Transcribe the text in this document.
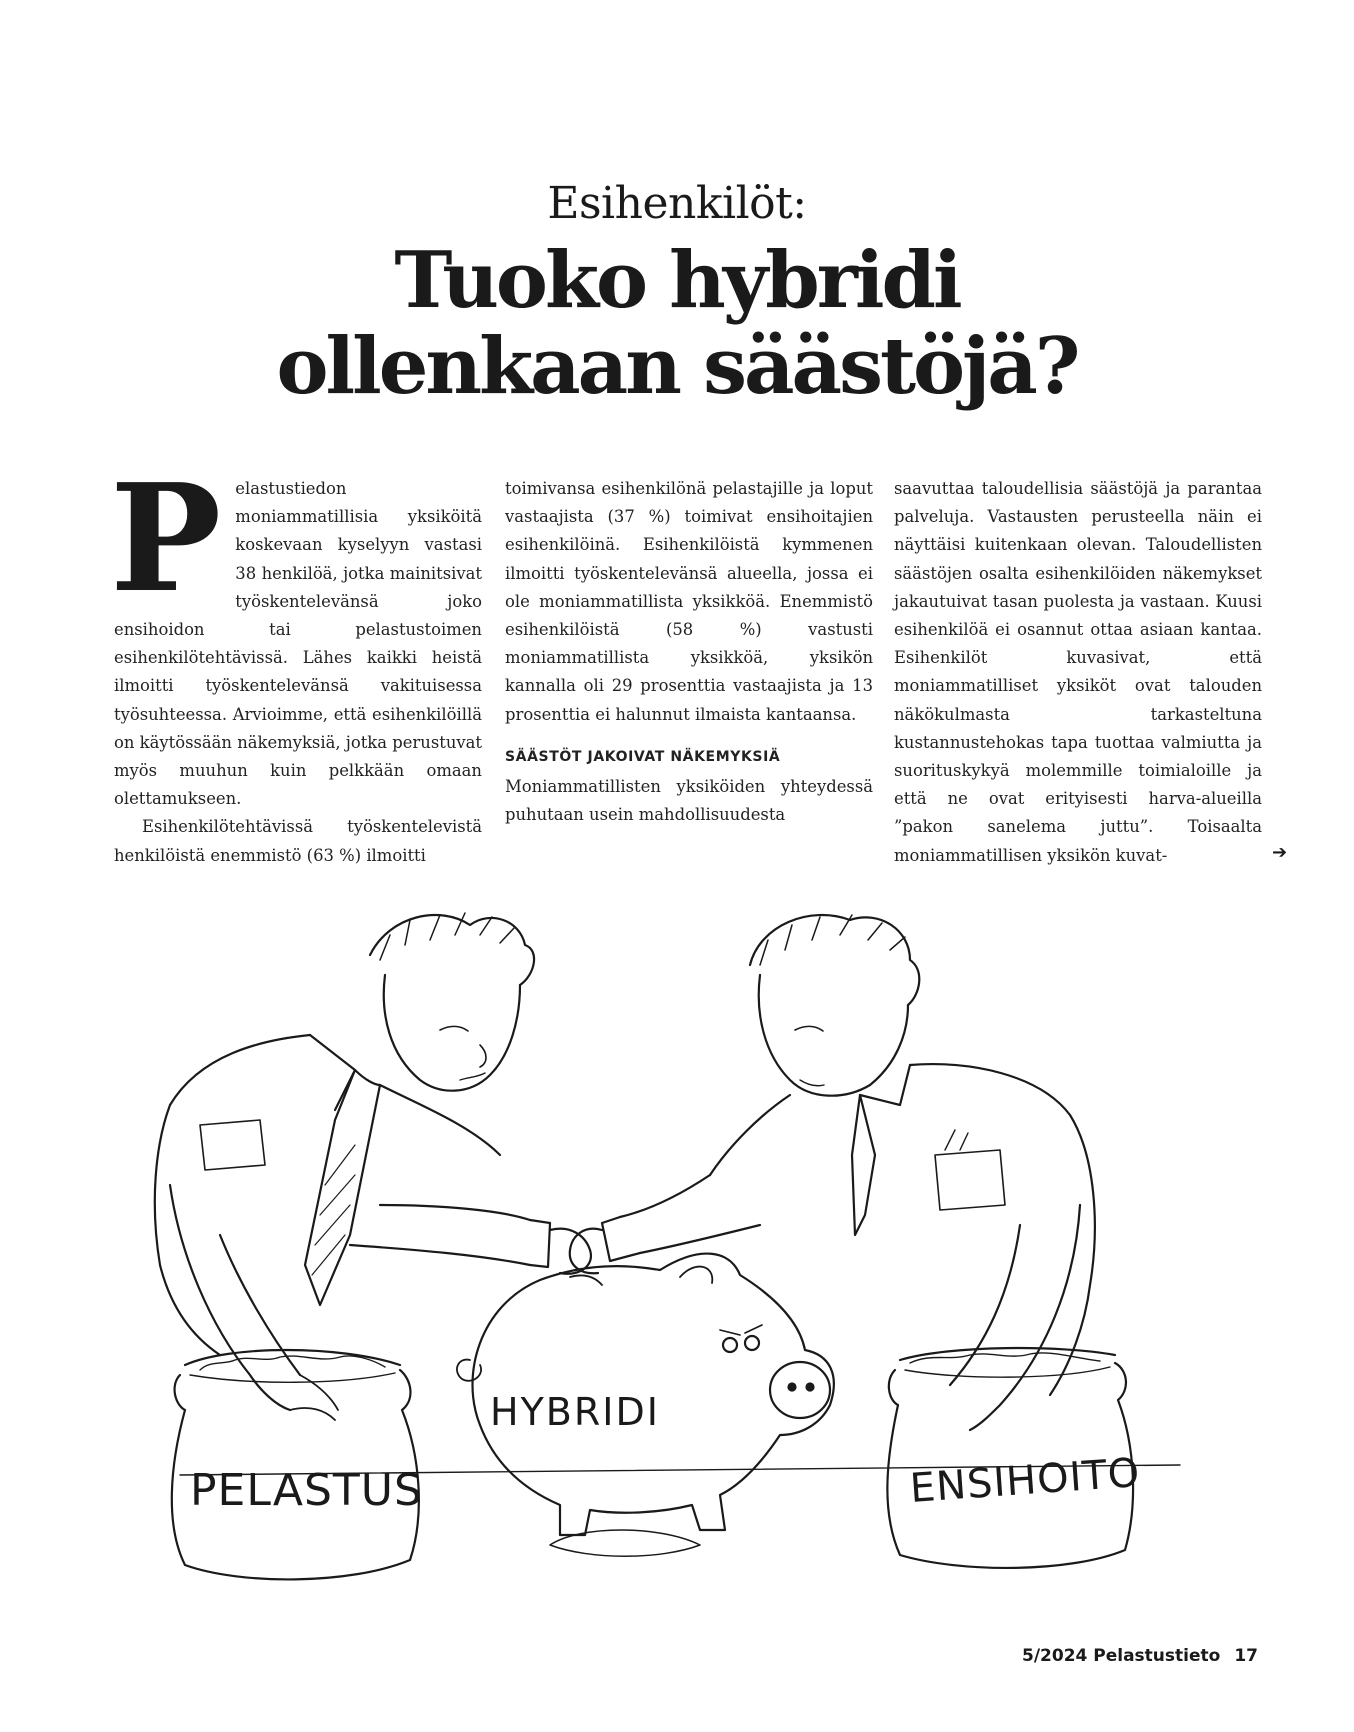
Esihenkilöt:
Tuoko hybridi
ollenkaan säästöjä?

Pelastustiedon moniammatillisia yksiköitä koskevaan kyselyyn vastasi 38 henkilöä, jotka mainitsivat työskentelevänsä joko ensihoidon tai pelastustoimen esihenkilötehtävissä. Lähes kaikki heistä ilmoitti työskentelevänsä vakituisessa työsuhteessa. Arvioimme, että esihenkilöillä on käytössään näkemyksiä, jotka perustuvat myös muuhun kuin pelkkään omaan olettamukseen.

Esihenkilötehtävissä työskentelevistä henkilöistä enemmistö (63 %) ilmoitti

toimivansa esihenkilönä pelastajille ja loput vastaajista (37 %) toimivat ensihoitajien esihenkilöinä. Esihenkilöistä kymmenen ilmoitti työskentelevänsä alueella, jossa ei ole moniammatillista yksikköä. Enemmistö esihenkilöistä (58 %) vastusti moniammatillista yksikköä, yksikön kannalla oli 29 prosenttia vastaajista ja 13 prosenttia ei halunnut ilmaista kantaansa.

SÄÄSTÖT JAKOIVAT NÄKEMYKSIÄ

Moniammatillisten yksiköiden yhteydessä puhutaan usein mahdollisuudesta

saavuttaa taloudellisia säästöjä ja parantaa palveluja. Vastausten perusteella näin ei näyttäisi kuitenkaan olevan. Taloudellisten säästöjen osalta esihenkilöiden näkemykset jakautuivat tasan puolesta ja vastaan. Kuusi esihenkilöä ei osannut ottaa asiaan kantaa. Esihenkilöt kuvasivat, että moniammatilliset yksiköt ovat talouden näkökulmasta tarkasteltuna kustannustehokas tapa tuottaa valmiutta ja suorituskykyä molemmille toimialoille ja että ne ovat erityisesti harva-alueilla ”pakon sanelema juttu”. Toisaalta moniammatillisen yksikön kuvat-	➔
PELASTUS
HYBRIDI
ENSIHOITO
5/2024 Pelastustieto 17
